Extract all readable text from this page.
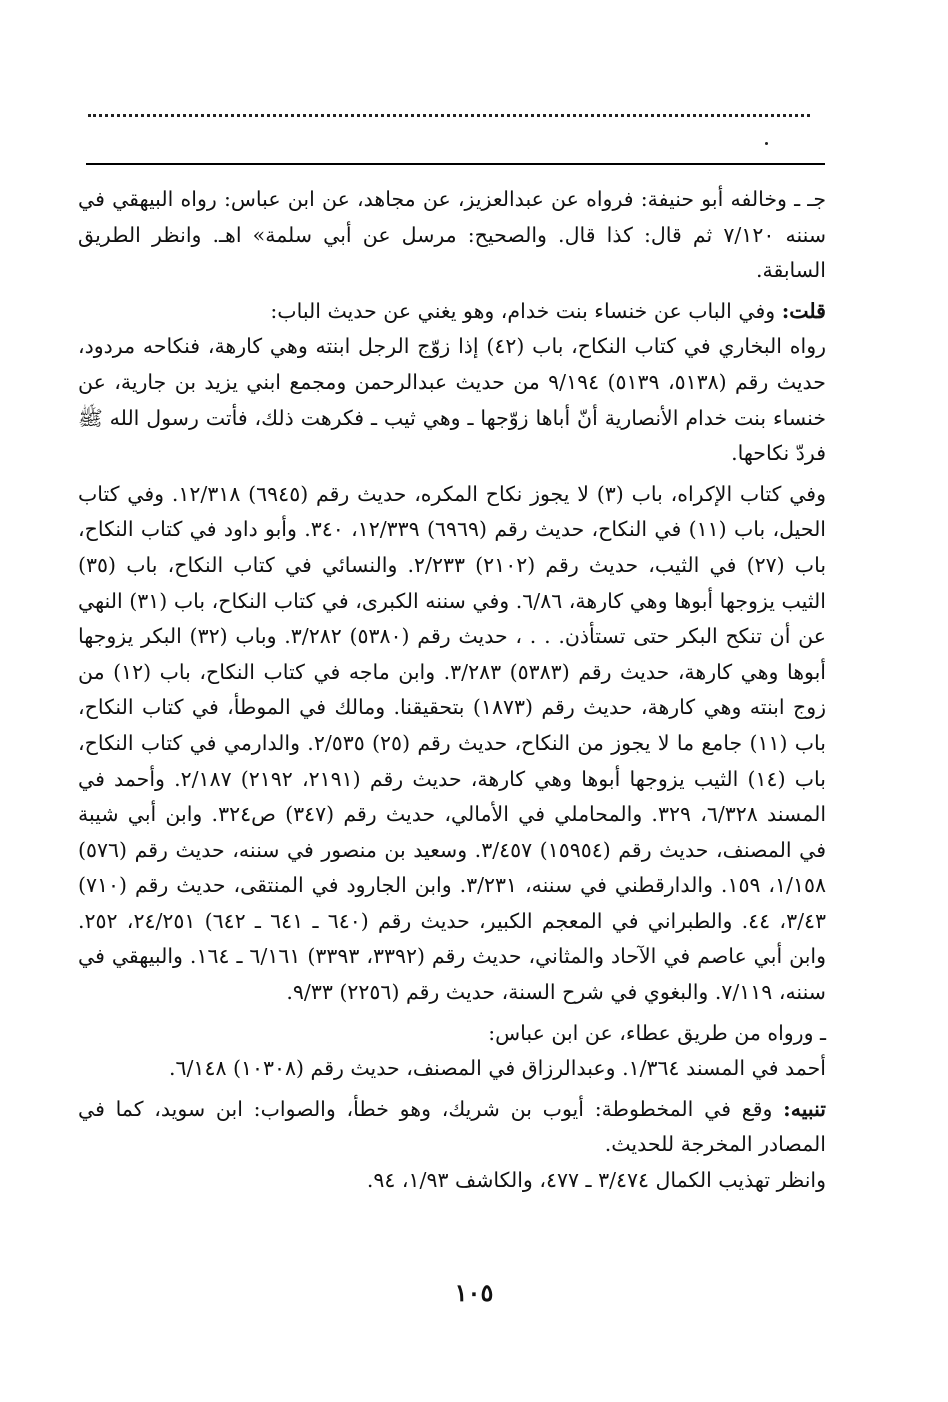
جـ ـ وخالفه أبو حنيفة: فرواه عن عبدالعزيز، عن مجاهد، عن ابن عباس: رواه البيهقي في سننه ٧/١٢٠ ثم قال: كذا قال. والصحيح: مرسل عن أبي سلمة» اهـ. وانظر الطريق السابقة.

قلت: وفي الباب عن خنساء بنت خدام، وهو يغني عن حديث الباب:

رواه البخاري في كتاب النكاح، باب (٤٢) إذا زوّج الرجل ابنته وهي كارهة، فنكاحه مردود، حديث رقم (٥١٣٨، ٥١٣٩) ٩/١٩٤ من حديث عبدالرحمن ومجمع ابني يزيد بن جارية، عن خنساء بنت خدام الأنصارية أنّ أباها زوّجها ـ وهي ثيب ـ فكرهت ذلك، فأتت رسول الله ﷺ فردّ نكاحها.

وفي كتاب الإكراه، باب (٣) لا يجوز نكاح المكره، حديث رقم (٦٩٤٥) ١٢/٣١٨. وفي كتاب الحيل، باب (١١) في النكاح، حديث رقم (٦٩٦٩) ١٢/٣٣٩، ٣٤٠. وأبو داود في كتاب النكاح، باب (٢٧) في الثيب، حديث رقم (٢١٠٢) ٢/٢٣٣. والنسائي في كتاب النكاح، باب (٣٥) الثيب يزوجها أبوها وهي كارهة، ٦/٨٦. وفي سننه الكبرى، في كتاب النكاح، باب (٣١) النهي عن أن تنكح البكر حتى تستأذن. . . ، حديث رقم (٥٣٨٠) ٣/٢٨٢. وباب (٣٢) البكر يزوجها أبوها وهي كارهة، حديث رقم (٥٣٨٣) ٣/٢٨٣. وابن ماجه في كتاب النكاح، باب (١٢) من زوج ابنته وهي كارهة، حديث رقم (١٨٧٣) بتحقيقنا. ومالك في الموطأ، في كتاب النكاح، باب (١١) جامع ما لا يجوز من النكاح، حديث رقم (٢٥) ٢/٥٣٥. والدارمي في كتاب النكاح، باب (١٤) الثيب يزوجها أبوها وهي كارهة، حديث رقم (٢١٩١، ٢١٩٢) ٢/١٨٧. وأحمد في المسند ٦/٣٢٨، ٣٢٩. والمحاملي في الأمالي، حديث رقم (٣٤٧) ص٣٢٤. وابن أبي شيبة في المصنف، حديث رقم (١٥٩٥٤) ٣/٤٥٧. وسعيد بن منصور في سننه، حديث رقم (٥٧٦) ١/١٥٨، ١٥٩. والدارقطني في سننه، ٣/٢٣١. وابن الجارود في المنتقى، حديث رقم (٧١٠) ٣/٤٣، ٤٤. والطبراني في المعجم الكبير، حديث رقم (٦٤٠ ـ ٦٤١ ـ ٦٤٢) ٢٤/٢٥١، ٢٥٢. وابن أبي عاصم في الآحاد والمثاني، حديث رقم (٣٣٩٢، ٣٣٩٣) ٦/١٦١ ـ ١٦٤. والبيهقي في سننه، ٧/١١٩. والبغوي في شرح السنة، حديث رقم (٢٢٥٦) ٩/٣٣.

ـ ورواه من طريق عطاء، عن ابن عباس:

أحمد في المسند ١/٣٦٤. وعبدالرزاق في المصنف، حديث رقم (١٠٣٠٨) ٦/١٤٨.

تنبيه: وقع في المخطوطة: أيوب بن شريك، وهو خطأ، والصواب: ابن سويد، كما في المصادر المخرجة للحديث.

وانظر تهذيب الكمال ٣/٤٧٤ ـ ٤٧٧، والكاشف ١/٩٣، ٩٤.

١٠٥
